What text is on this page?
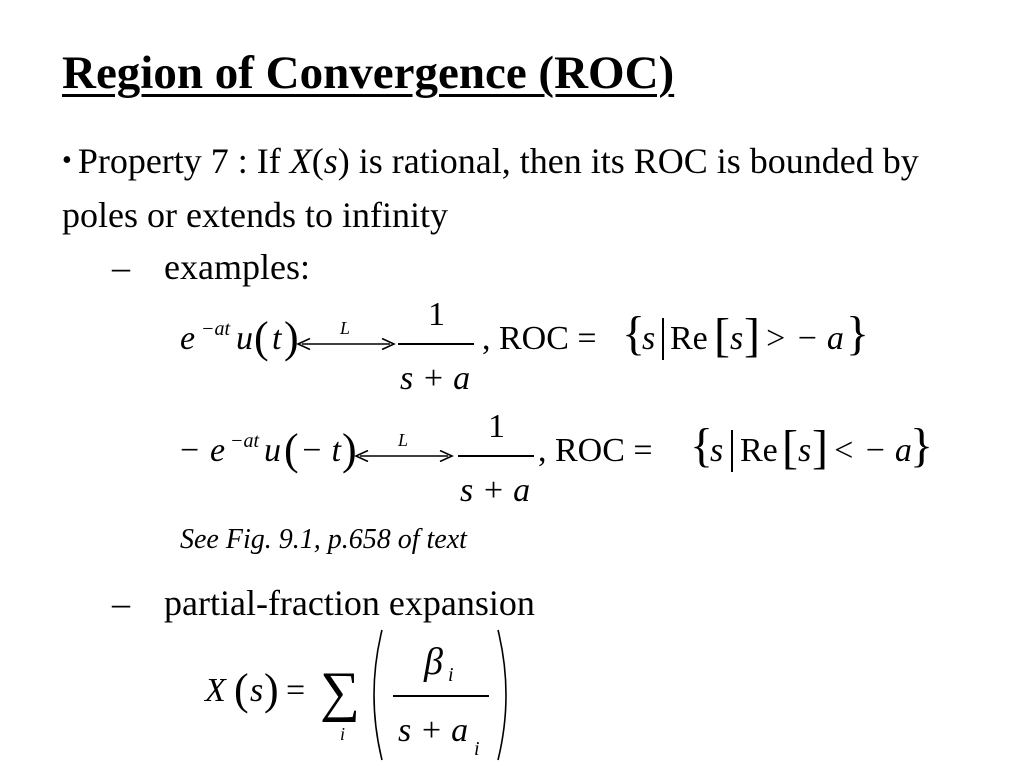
Region of Convergence (ROC)
• Property 7 : If X(s) is rational, then its ROC is bounded by poles or extends to infinity
– examples:
e −at u ( t ) L 1
s + a
, ROC = {
s Re [ s ] > − a }
− e −at u ( − t ) L 1
s + a
, ROC = {
s Re [ s ] < − a
}
See Fig. 9.1, p.658 of text
– partial-fraction expansion
X ( s ) = ∑
i
β i
s + a i
